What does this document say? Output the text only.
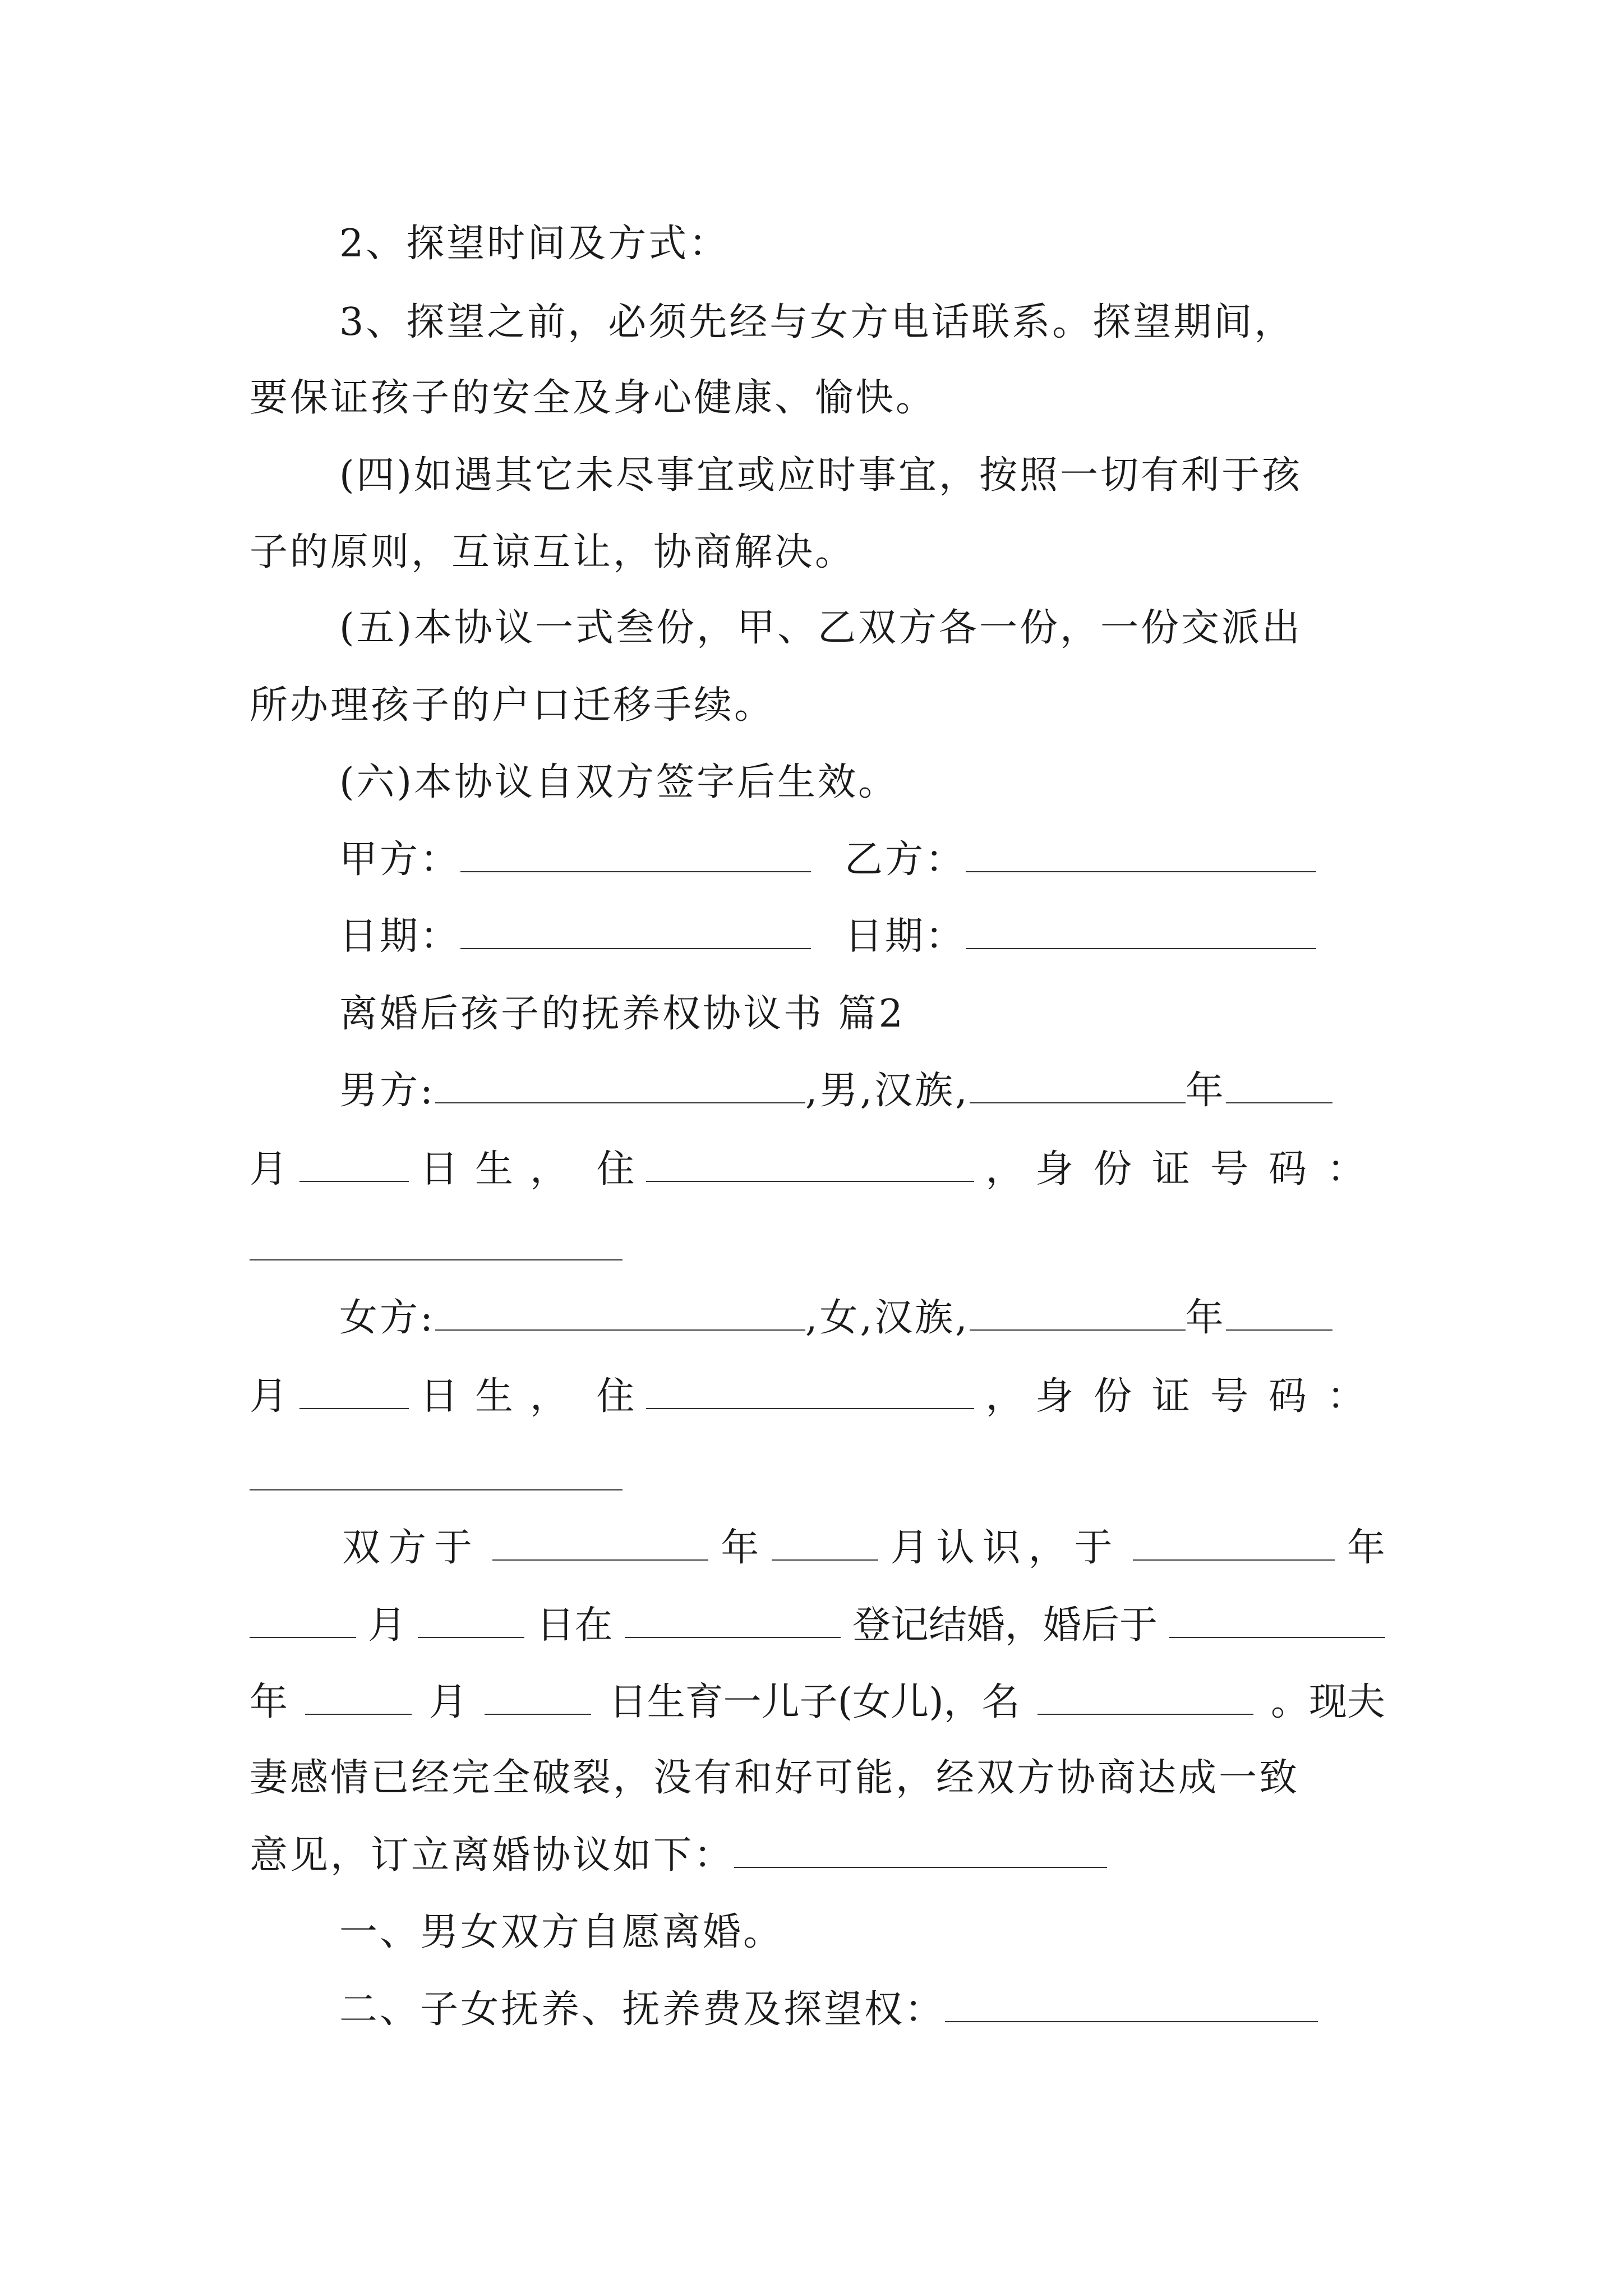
2、探望时间及方式：
3、探望之前，必须先经与女方电话联系。探望期间，
要保证孩子的安全及身心健康、愉快。
(四)如遇其它未尽事宜或应时事宜，按照一切有利于孩
子的原则，互谅互让，协商解决。
(五)本协议一式叁份，甲、乙双方各一份，一份交派出
所办理孩子的户口迁移手续。
(六)本协议自双方签字后生效。
甲方：	乙方：
日期：	日期：
离婚后孩子的抚养权协议书 篇2
男方:	,男,汉族,	年
月	日生， 住	， 身份证号码：
女方:	,女,汉族,	年
月	日生， 住	， 身份证号码：
双方于	年	月认识，于	年
月	日在	登记结婚，婚后于
年	月	日生育一儿子(女儿)，名	。现夫
妻感情已经完全破裂，没有和好可能，经双方协商达成一致
意见，订立离婚协议如下：
一、男女双方自愿离婚。
二、子女抚养、抚养费及探望权：
